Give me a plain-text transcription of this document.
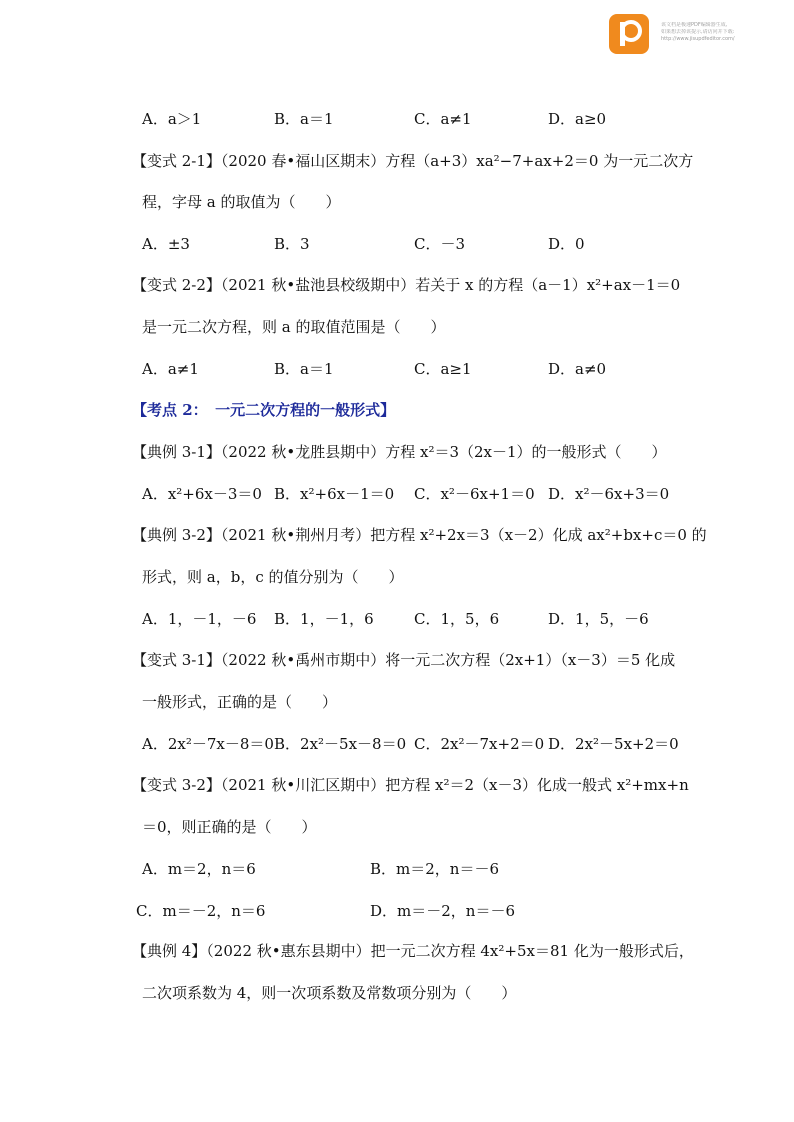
该文档是极速PDF编辑器生成,
如果想去掉该提示,请访问并下载:
http://www.jisupdfeditor.com/
A．a＞1	B．a＝1	C．a≠1	D．a≥0
【变式 2-1】（2020 春•福山区期末）方程（a+3）xa²−7+ax+2＝0 为一元二次方
程，字母 a 的取值为（　　）
A．±3	B．3	C．－3	D．0
【变式 2-2】（2021 秋•盐池县校级期中）若关于 x 的方程（a－1）x²+ax－1＝0
是一元二次方程，则 a 的取值范围是（　　）
A．a≠1	B．a＝1	C．a≥1	D．a≠0
【考点 2：　一元二次方程的一般形式】
【典例 3-1】（2022 秋•龙胜县期中）方程 x²＝3（2x－1）的一般形式（　　）
A．x²+6x－3＝0 B．x²+6x－1＝0 C．x²－6x+1＝0 D．x²－6x+3＝0
【典例 3-2】（2021 秋•荆州月考）把方程 x²+2x＝3（x－2）化成 ax²+bx+c＝0 的
形式，则 a，b，c 的值分别为（　　）
A．1，－1，－6 B．1，－1，6	C．1，5，6	D．1，5，－6
【变式 3-1】（2022 秋•禹州市期中）将一元二次方程（2x+1）（x－3）＝5 化成
一般形式，正确的是（　　）
A．2x²－7x－8＝0 B．2x²－5x－8＝0 C．2x²－7x+2＝0 D．2x²－5x+2＝0
【变式 3-2】（2021 秋•川汇区期中）把方程 x²＝2（x－3）化成一般式 x²+mx+n
＝0，则正确的是（　　）
A．m＝2，n＝6	B．m＝2，n＝－6
C．m＝－2，n＝6	D．m＝－2，n＝－6
【典例 4】（2022 秋•惠东县期中）把一元二次方程 4x²+5x＝81 化为一般形式后，
二次项系数为 4，则一次项系数及常数项分别为（　　）
